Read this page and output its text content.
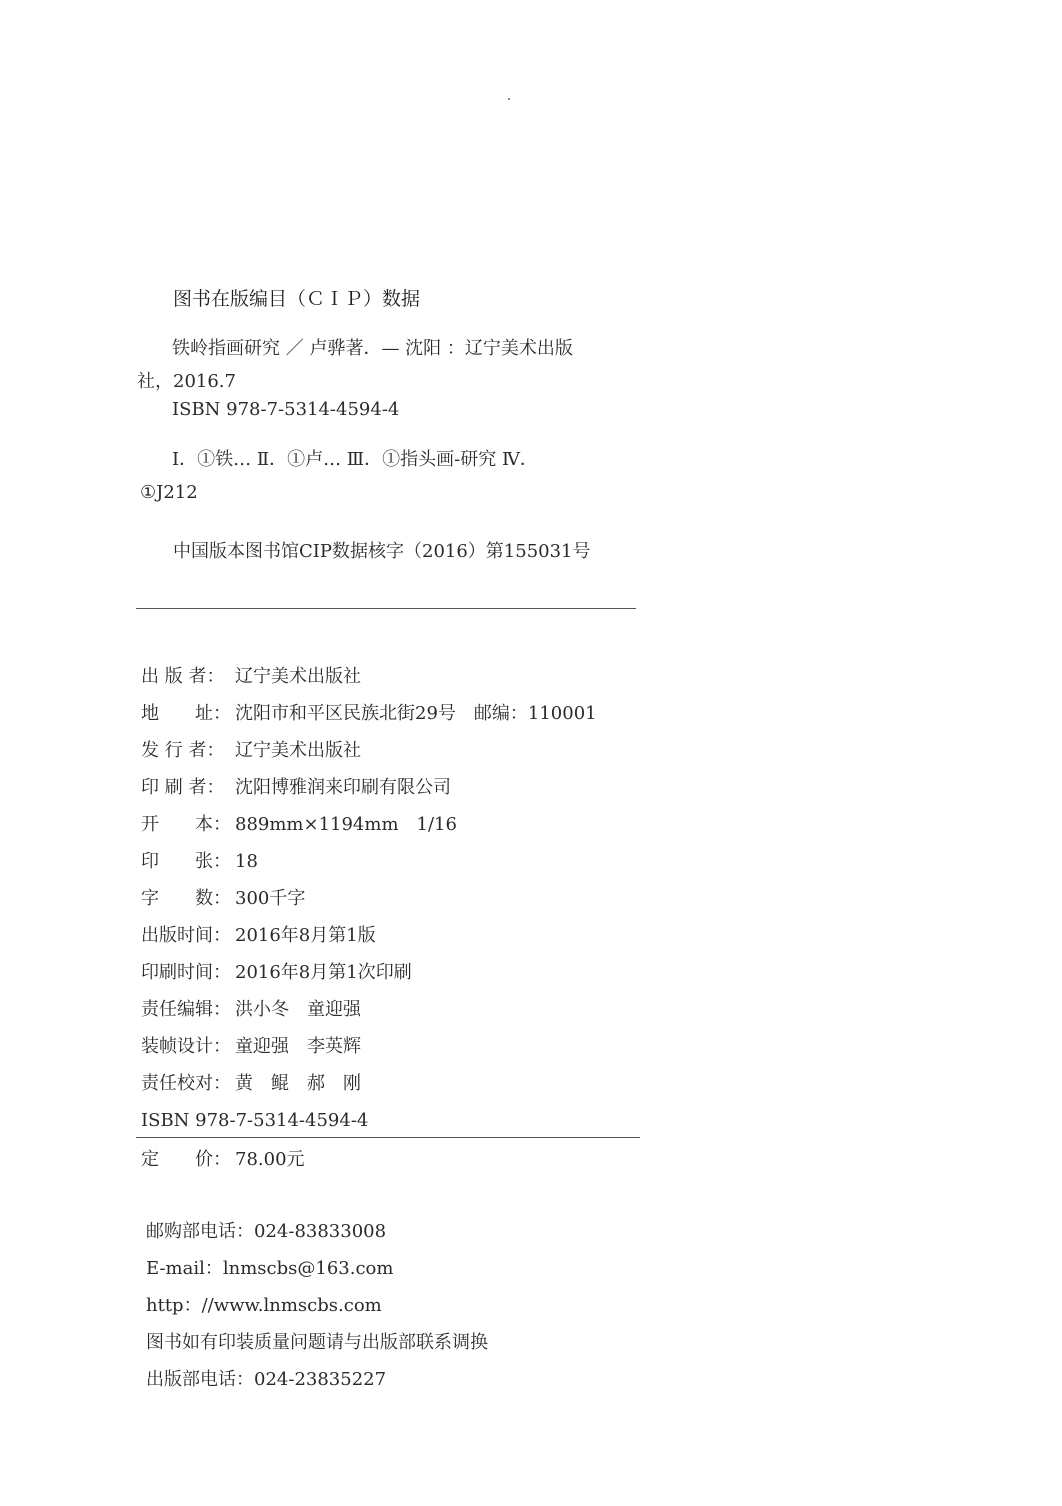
图书在版编目（ＣＩＰ）数据
铁岭指画研究 ／ 卢骅著．— 沈阳 ：辽宁美术出版
社，2016.7
ISBN 978-7-5314-4594-4
Ⅰ．①铁… Ⅱ．①卢… Ⅲ．①指头画-研究 Ⅳ．
①J212
中国版本图书馆CIP数据核字（2016）第155031号
出 版 者： 辽宁美术出版社
地　　址： 沈阳市和平区民族北街29号　邮编：110001
发 行 者： 辽宁美术出版社
印 刷 者： 沈阳博雅润来印刷有限公司
开　　本： 889mm×1194mm　1/16
印　　张： 18
字　　数： 300千字
出版时间： 2016年8月第1版
印刷时间： 2016年8月第1次印刷
责任编辑： 洪小冬　童迎强
装帧设计： 童迎强　李英辉
责任校对： 黄　鲲　郝　刚
ISBN 978-7-5314-4594-4
定　　价： 78.00元
邮购部电话：024-83833008
E-mail：lnmscbs@163.com
http：//www.lnmscbs.com
图书如有印装质量问题请与出版部联系调换
出版部电话：024-23835227
